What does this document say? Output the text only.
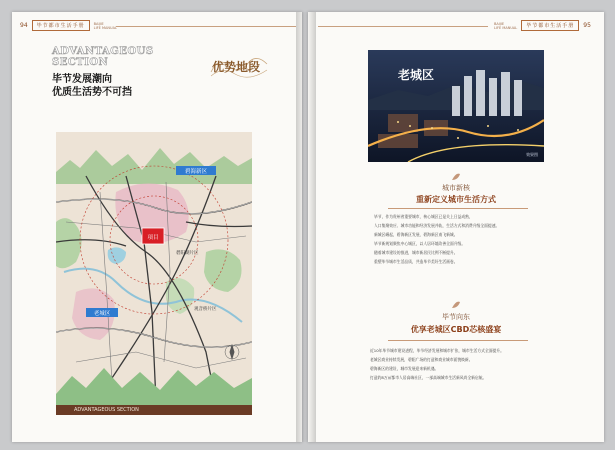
94	毕节都市生活手册	BAIJIE
LIFE MANUAL
ADVANTAGEOUS
SECTION
毕节发展潮向
优质生活势不可挡
优势地段
碧海新区
老城区
碧阳湖片区
观音桥片区
项目
ADVANTAGEOUS SECTION
BAIJIE
LIFE MANUAL	毕节都市生活手册	95
老城区
效果图
城市新核
重新定义城市生活方式
毕节，作为贵州省重要城市，核心城区已是关上日益成熟，
人口集聚效应、城市功能和经济发展并轨，生活方式和消费升级全面提速。
新城区崛起，碧海新区发展，碧海新区南飞新城。
毕节新规划聚焦中心城区，以人居环境改善全面升级。
随着城市建设的推进，城市新居民比例不断提升。
重塑毕节城市生活品质，共造毕节美好生活画卷。
毕节向东
优享老城区CBD芯核盛宴
近10年毕节城市建设进程，毕节经济发展和城市扩张，城市生活方式全面提升。
老城区商业持续发展，碧阳广场的打造和商业城市面貌焕新。
碧海新区的建设，城市发展迎来新机遇。
打造约8万㎡都市人居高端社区，一部高端城市生活新风尚全新启航。
